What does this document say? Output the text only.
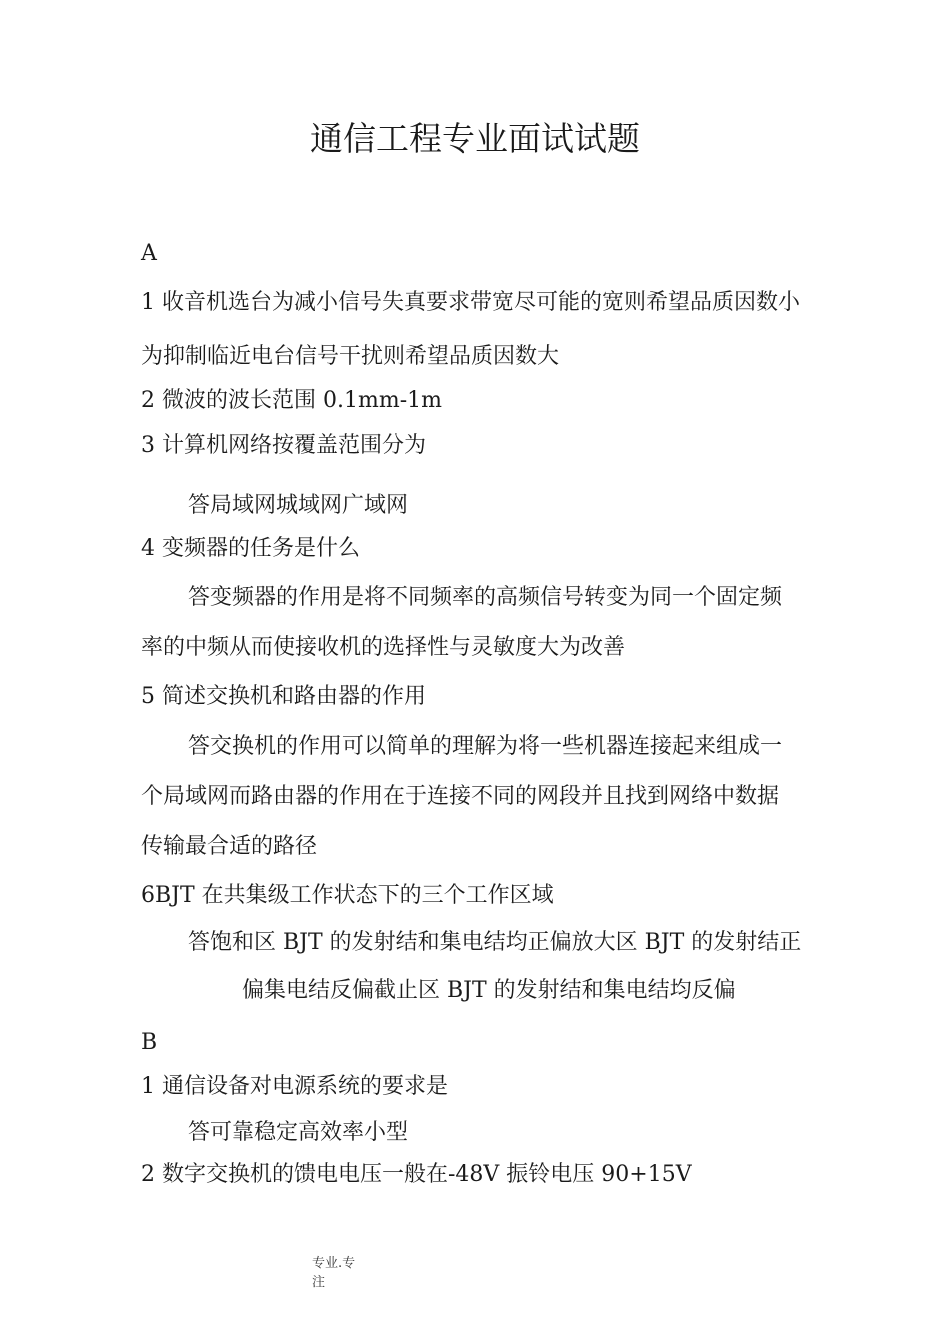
通信工程专业面试试题
A
1 收音机选台为减小信号失真要求带宽尽可能的宽则希望品质因数小
为抑制临近电台信号干扰则希望品质因数大
2 微波的波长范围 0.1mm-1m
3 计算机网络按覆盖范围分为
答局域网城域网广域网
4 变频器的任务是什么
答变频器的作用是将不同频率的高频信号转变为同一个固定频
率的中频从而使接收机的选择性与灵敏度大为改善
5 简述交换机和路由器的作用
答交换机的作用可以简单的理解为将一些机器连接起来组成一
个局域网而路由器的作用在于连接不同的网段并且找到网络中数据
传输最合适的路径
6BJT 在共集级工作状态下的三个工作区域
答饱和区 BJT 的发射结和集电结均正偏放大区 BJT 的发射结正
偏集电结反偏截止区 BJT 的发射结和集电结均反偏
B
1 通信设备对电源系统的要求是
答可靠稳定高效率小型
2 数字交换机的馈电电压一般在-48V 振铃电压 90+15V
专业.专
注
